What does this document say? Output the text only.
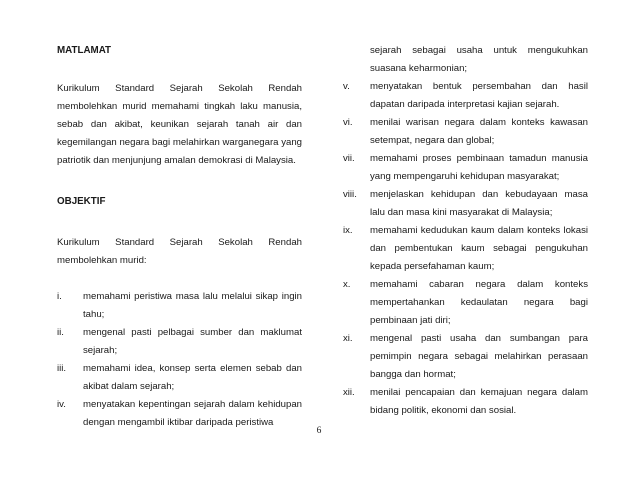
MATLAMAT
Kurikulum Standard Sejarah Sekolah Rendah membolehkan murid memahami tingkah laku manusia, sebab dan akibat, keunikan sejarah tanah air dan kegemilangan negara bagi melahirkan warganegara yang patriotik dan menjunjung amalan demokrasi di Malaysia.
OBJEKTIF
Kurikulum Standard Sejarah Sekolah Rendah membolehkan murid:
i.	memahami peristiwa masa lalu melalui sikap ingin tahu;
ii.	mengenal pasti pelbagai sumber dan maklumat sejarah;
iii.	memahami idea, konsep serta elemen sebab dan akibat dalam sejarah;
iv.	menyatakan kepentingan sejarah dalam kehidupan dengan mengambil iktibar daripada peristiwa
sejarah sebagai usaha untuk mengukuhkan suasana keharmonian;
v.	menyatakan bentuk persembahan dan hasil dapatan daripada interpretasi kajian sejarah.
vi.	menilai warisan negara dalam konteks kawasan setempat, negara dan global;
vii.	memahami proses pembinaan tamadun manusia yang mempengaruhi kehidupan masyarakat;
viii.	menjelaskan kehidupan dan kebudayaan masa lalu dan masa kini masyarakat di Malaysia;
ix.	memahami kedudukan kaum dalam konteks lokasi dan pembentukan kaum sebagai pengukuhan kepada persefahaman kaum;
x.	memahami cabaran negara dalam konteks mempertahankan kedaulatan negara bagi pembinaan jati diri;
xi.	mengenal pasti usaha dan sumbangan para pemimpin negara sebagai melahirkan perasaan bangga dan hormat;
xii.	menilai pencapaian dan kemajuan negara dalam bidang politik, ekonomi dan sosial.
6
